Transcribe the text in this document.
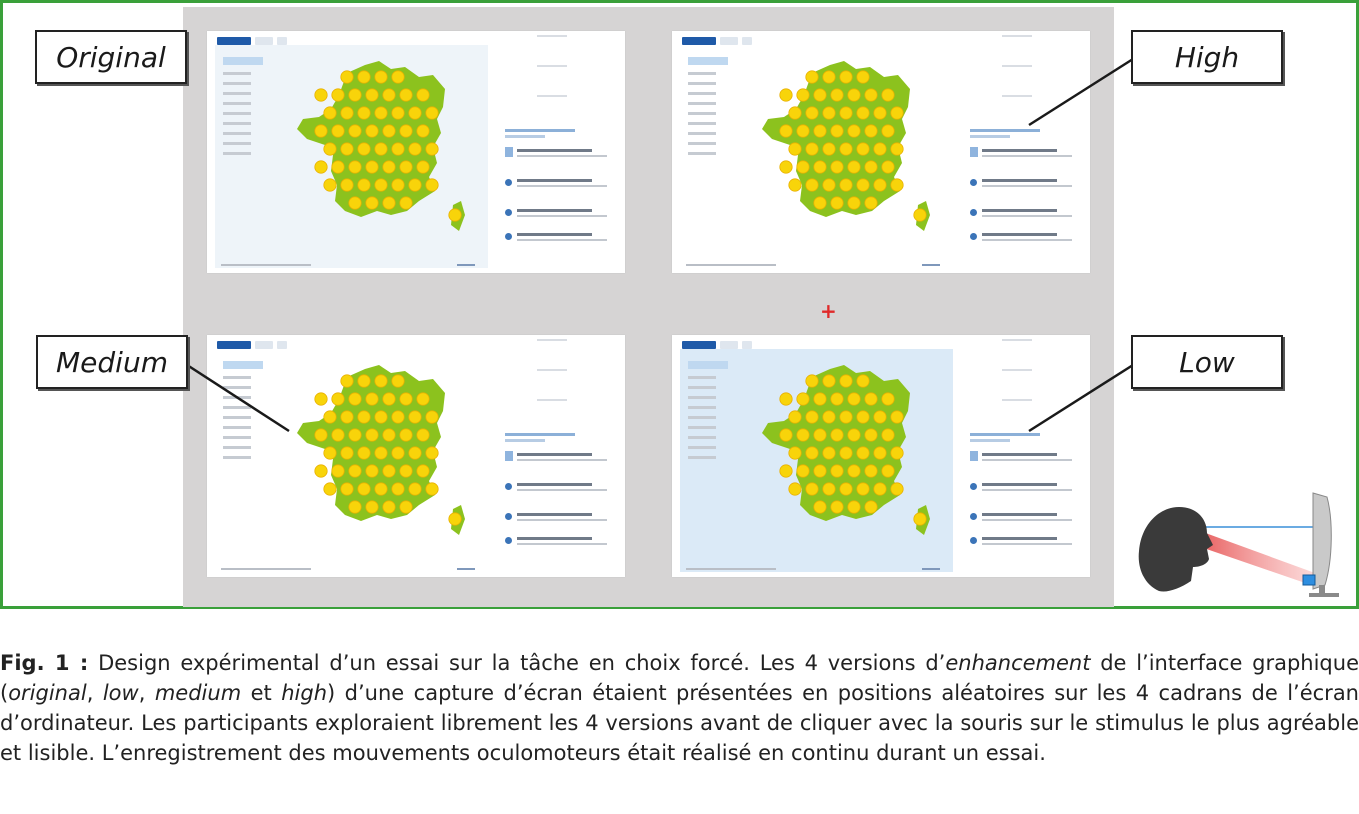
+
Original	High
Medium	Low

Fig. 1 : Design expérimental d’un essai sur la tâche en choix forcé. Les 4 versions d’enhancement de l’interface graphique (original, low, medium et high) d’une capture d’écran étaient présentées en positions aléatoires sur les 4 cadrans de l’écran d’ordinateur. Les participants exploraient librement les 4 versions avant de cliquer avec la souris sur le stimulus le plus agréable et lisible. L’enregistrement des mouvements oculomoteurs était réalisé en continu durant un essai.
